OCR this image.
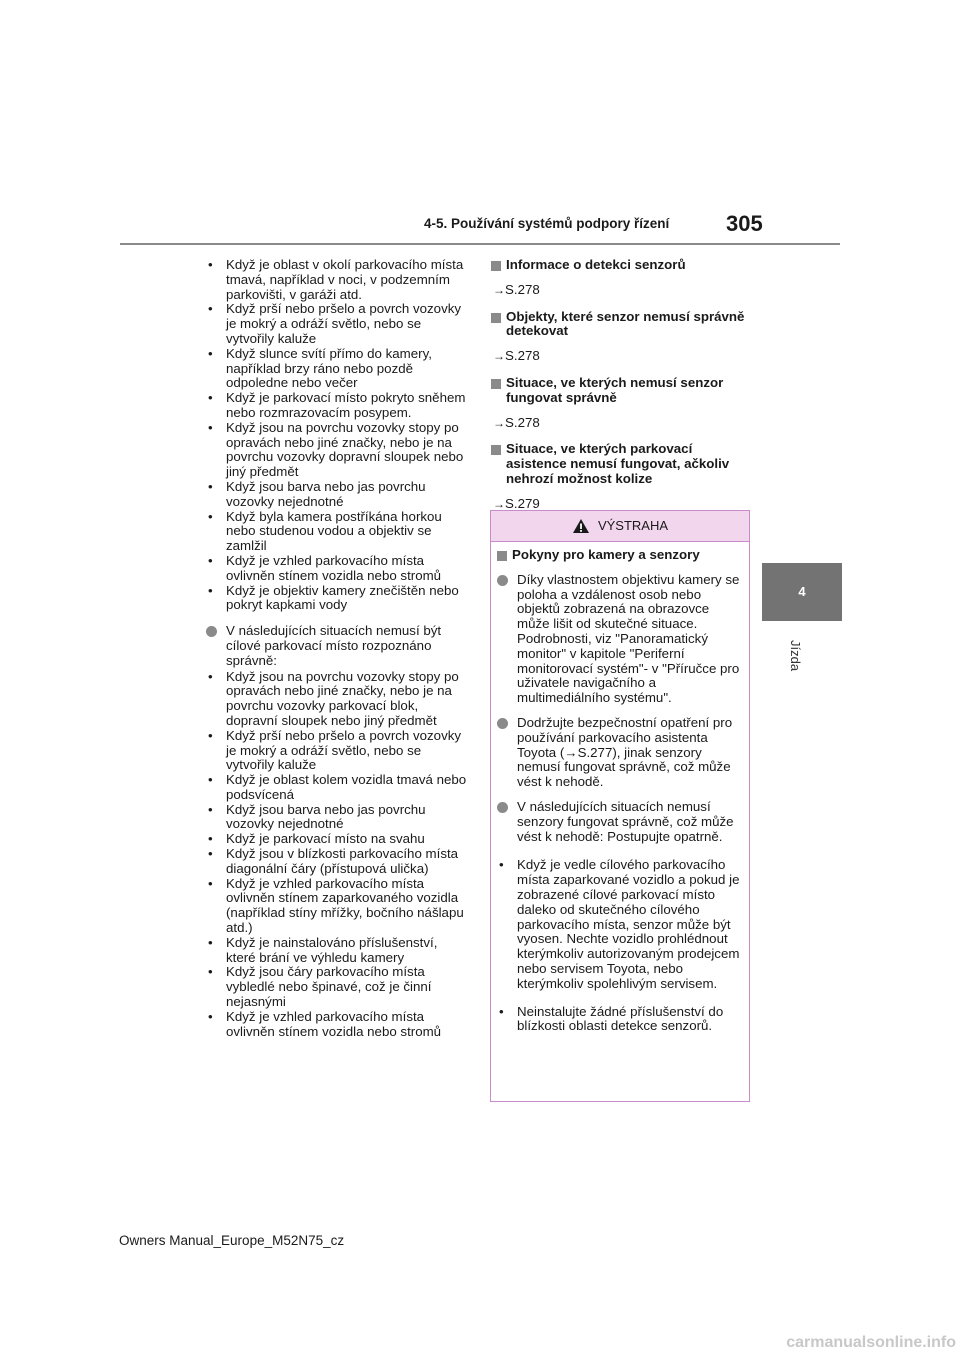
4-5. Používání systémů podpory řízení	305
4
Jízda
• Když je oblast v okolí parkovacího místa tmavá, například v noci, v podzemním parkovišti, v garáži atd.
• Když prší nebo pršelo a povrch vozovky je mokrý a odráží světlo, nebo se vytvořily kaluže
• Když slunce svítí přímo do kamery, například brzy ráno nebo pozdě odpoledne nebo večer
• Když je parkovací místo pokryto sněhem nebo rozmrazovacím posypem.
• Když jsou na povrchu vozovky stopy po opravách nebo jiné značky, nebo je na povrchu vozovky dopravní sloupek nebo jiný předmět
• Když jsou barva nebo jas povrchu vozovky nejednotné
• Když byla kamera postříkána horkou nebo studenou vodou a objektiv se zamlžil
• Když je vzhled parkovacího místa ovlivněn stínem vozidla nebo stromů
• Když je objektiv kamery znečištěn nebo pokryt kapkami vody
V následujících situacích nemusí být cílové parkovací místo rozpoznáno správně:
• Když jsou na povrchu vozovky stopy po opravách nebo jiné značky, nebo je na povrchu vozovky parkovací blok, dopravní sloupek nebo jiný předmět
• Když prší nebo pršelo a povrch vozovky je mokrý a odráží světlo, nebo se vytvořily kaluže
• Když je oblast kolem vozidla tmavá nebo podsvícená
• Když jsou barva nebo jas povrchu vozovky nejednotné
• Když je parkovací místo na svahu
• Když jsou v blízkosti parkovacího místa diagonální čáry (přístupová ulička)
• Když je vzhled parkovacího místa ovlivněn stínem zaparkovaného vozidla (například stíny mřížky, bočního nášlapu atd.)
• Když je nainstalováno příslušenství, které brání ve výhledu kamery
• Když jsou čáry parkovacího místa vybledlé nebo špinavé, což je činní nejasnými
• Když je vzhled parkovacího místa ovlivněn stínem vozidla nebo stromů
Informace o detekci senzorů
→S.278
Objekty, které senzor nemusí správně detekovat
→S.278
Situace, ve kterých nemusí senzor fungovat správně
→S.278
Situace, ve kterých parkovací asistence nemusí fungovat, ačkoliv nehrozí možnost kolize
→S.279
VÝSTRAHA
Pokyny pro kamery a senzory
Díky vlastnostem objektivu kamery se poloha a vzdálenost osob nebo objektů zobrazená na obrazovce může lišit od skutečné situace. Podrobnosti, viz "Panoramatický monitor" v kapitole "Periferní monitorovací systém"- v "Příručce pro uživatele navigačního a multimediálního systému".
Dodržujte bezpečnostní opatření pro používání parkovacího asistenta Toyota (→S.277), jinak senzory nemusí fungovat správně, což může vést k nehodě.
V následujících situacích nemusí senzory fungovat správně, což může vést k nehodě: Postupujte opatrně.
• Když je vedle cílového parkovacího místa zaparkované vozidlo a pokud je zobrazené cílové parkovací místo daleko od skutečného cílového parkovacího místa, senzor může být vyosen. Nechte vozidlo prohlédnout kterýmkoliv autorizovaným prodejcem nebo servisem Toyota, nebo kterýmkoliv spolehlivým servisem.
• Neinstalujte žádné příslušenství do blízkosti oblasti detekce senzorů.
Owners Manual_Europe_M52N75_cz
carmanualsonline.info
